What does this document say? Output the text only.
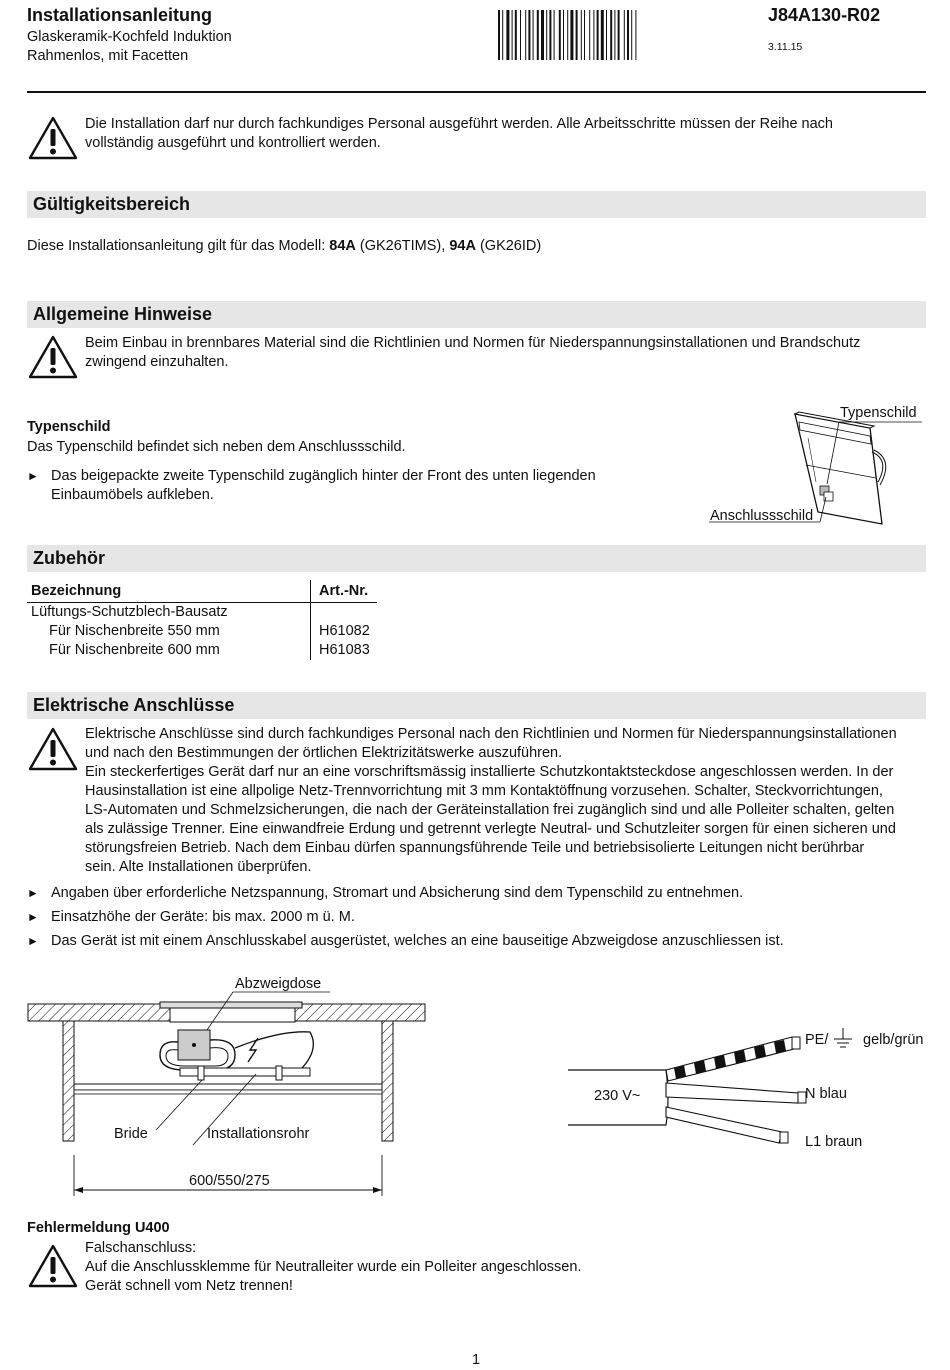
Installationsanleitung
Glaskeramik-Kochfeld Induktion
Rahmenlos, mit Facetten
J84A130-R02
3.11.15
Die Installation darf nur durch fachkundiges Personal ausgeführt werden. Alle Arbeitsschritte müssen der Reihe nach
vollständig ausgeführt und kontrolliert werden.
Gültigkeitsbereich
Diese Installationsanleitung gilt für das Modell: 84A (GK26TIMS), 94A (GK26ID)
Allgemeine Hinweise
Beim Einbau in brennbares Material sind die Richtlinien und Normen für Niederspannungsinstallationen und Brandschutz
zwingend einzuhalten.
Typenschild
Das Typenschild befindet sich neben dem Anschlussschild.
► Das beigepackte zweite Typenschild zugänglich hinter der Front des unten liegenden
Einbaumöbels aufkleben.
Typenschild
Anschlussschild
Zubehör
Bezeichnung	Art.-Nr.
Lüftungs-Schutzblech-Bausatz	
Für Nischenbreite 550 mm	H61082
Für Nischenbreite 600 mm	H61083
Elektrische Anschlüsse
Elektrische Anschlüsse sind durch fachkundiges Personal nach den Richtlinien und Normen für Niederspannungsinstallationen
und nach den Bestimmungen der örtlichen Elektrizitätswerke auszuführen.
Ein steckerfertiges Gerät darf nur an eine vorschriftsmässig installierte Schutzkontaktsteckdose angeschlossen werden. In der
Hausinstallation ist eine allpolige Netz-Trennvorrichtung mit 3 mm Kontaktöffnung vorzusehen. Schalter, Steckvorrichtungen,
LS-Automaten und Schmelzsicherungen, die nach der Geräteinstallation frei zugänglich sind und alle Polleiter schalten, gelten
als zulässige Trenner. Eine einwandfreie Erdung und getrennt verlegte Neutral- und Schutzleiter sorgen für einen sicheren und
störungsfreien Betrieb. Nach dem Einbau dürfen spannungsführende Teile und betriebsisolierte Leitungen nicht berührbar
sein. Alte Installationen überprüfen.
► Angaben über erforderliche Netzspannung, Stromart und Absicherung sind dem Typenschild zu entnehmen.
► Einsatzhöhe der Geräte: bis max. 2000 m ü. M.
► Das Gerät ist mit einem Anschlusskabel ausgerüstet, welches an eine bauseitige Abzweigdose anzuschliessen ist.
Abzweigdose
Bride	Installationsrohr
600/550/275
230 V~
PE/ gelb/grün
N blau
L1 braun
Fehlermeldung U400
Falschanschluss:
Auf die Anschlussklemme für Neutralleiter wurde ein Polleiter angeschlossen.
Gerät schnell vom Netz trennen!
1
